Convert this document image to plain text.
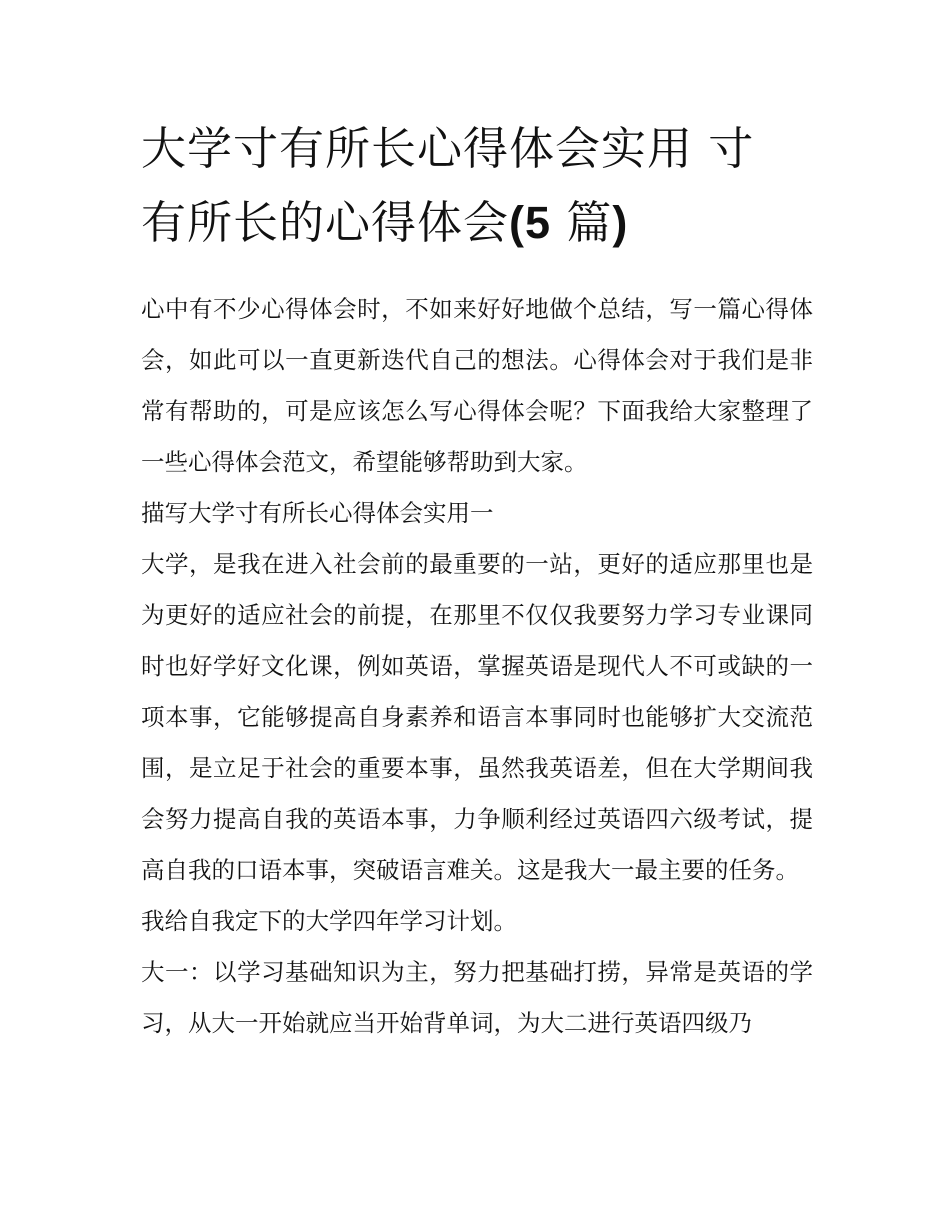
大学寸有所长心得体会实用 寸
有所长的心得体会(5 篇)

心中有不少心得体会时，不如来好好地做个总结，写一篇心得体会，如此可以一直更新迭代自己的想法。心得体会对于我们是非常有帮助的，可是应该怎么写心得体会呢？下面我给大家整理了一些心得体会范文，希望能够帮助到大家。

描写大学寸有所长心得体会实用一

大学，是我在进入社会前的最重要的一站，更好的适应那里也是为更好的适应社会的前提，在那里不仅仅我要努力学习专业课同时也好学好文化课，例如英语，掌握英语是现代人不可或缺的一项本事，它能够提高自身素养和语言本事同时也能够扩大交流范围，是立足于社会的重要本事，虽然我英语差，但在大学期间我会努力提高自我的英语本事，力争顺利经过英语四六级考试，提高自我的口语本事，突破语言难关。这是我大一最主要的任务。

我给自我定下的大学四年学习计划。

大一：以学习基础知识为主，努力把基础打捞，异常是英语的学习，从大一开始就应当开始背单词，为大二进行英语四级乃
